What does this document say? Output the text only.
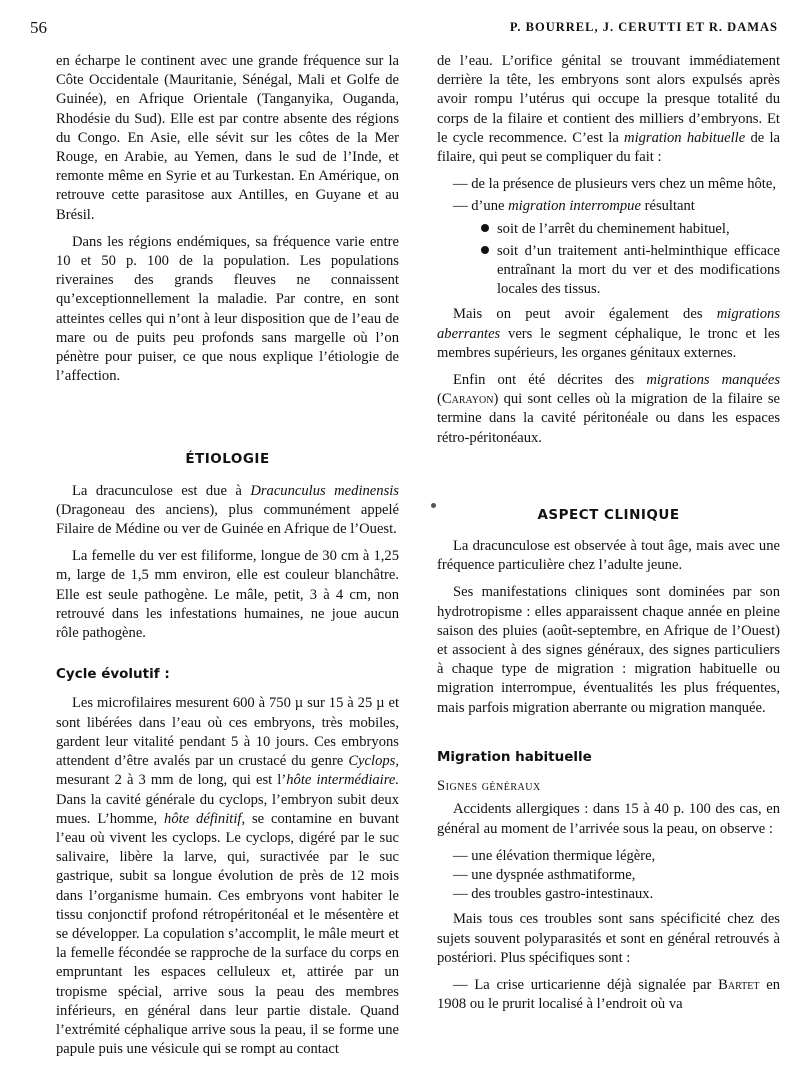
56	P. BOURREL, J. CERUTTI ET R. DAMAS

en écharpe le continent avec une grande fréquence sur la Côte Occidentale (Mauritanie, Sénégal, Mali et Golfe de Guinée), en Afrique Orientale (Tanganyika, Ouganda, Rhodésie du Sud). Elle est par contre absente des régions du Congo. En Asie, elle sévit sur les côtes de la Mer Rouge, en Arabie, au Yemen, dans le sud de l’Inde, et remonte même en Syrie et au Turkestan. En Amérique, on retrouve cette parasitose aux Antilles, en Guyane et au Brésil.

Dans les régions endémiques, sa fréquence varie entre 10 et 50 p. 100 de la population. Les populations riveraines des grands fleuves ne connaissent qu’exceptionnellement la maladie. Par contre, en sont atteintes celles qui n’ont à leur disposition que de l’eau de mare ou de puits peu profonds sans margelle où l’on pénètre pour puiser, ce que nous explique l’étiologie de l’affection.

ÉTIOLOGIE

La dracunculose est due à Dracunculus medinensis (Dragoneau des anciens), plus communément appelé Filaire de Médine ou ver de Guinée en Afrique de l’Ouest.

La femelle du ver est filiforme, longue de 30 cm à 1,25 m, large de 1,5 mm environ, elle est couleur blanchâtre. Elle est seule pathogène. Le mâle, petit, 3 à 4 cm, non retrouvé dans les infestations humaines, ne joue aucun rôle pathogène.

Cycle évolutif :

Les microfilaires mesurent 600 à 750 µ sur 15 à 25 µ et sont libérées dans l’eau où ces embryons, très mobiles, gardent leur vitalité pendant 5 à 10 jours. Ces embryons attendent d’être avalés par un crustacé du genre Cyclops, mesurant 2 à 3 mm de long, qui est l’hôte intermédiaire. Dans la cavité générale du cyclops, l’embryon subit deux mues. L’homme, hôte définitif, se contamine en buvant l’eau où vivent les cyclops. Le cyclops, digéré par le suc salivaire, libère la larve, qui, suractivée par le suc gastrique, subit sa longue évolution de près de 12 mois dans l’organisme humain. Ces embryons vont habiter le tissu conjonctif profond rétropéritonéal et le mésentère et se développer. La copulation s’accomplit, le mâle meurt et la femelle fécondée se rapproche de la surface du corps en empruntant les espaces celluleux et, attirée par un tropisme spécial, arrive sous la peau des membres inférieurs, en général dans leur partie distale. Quand l’extrémité céphalique arrive sous la peau, il se forme une papule puis une vésicule qui se rompt au contact

de l’eau. L’orifice génital se trouvant immédiatement derrière la tête, les embryons sont alors expulsés après avoir rompu l’utérus qui occupe la presque totalité du corps de la filaire et contient des milliers d’embryons. Et le cycle recommence. C’est la migration habituelle de la filaire, qui peut se compliquer du fait :

— de la présence de plusieurs vers chez un même hôte,
— d’une migration interrompue résultant
soit de l’arrêt du cheminement habituel,
soit d’un traitement anti-helminthique efficace entraînant la mort du ver et des modifications locales des tissus.

Mais on peut avoir également des migrations aberrantes vers le segment céphalique, le tronc et les membres supérieurs, les organes génitaux externes.

Enfin ont été décrites des migrations manquées (Carayon) qui sont celles où la migration de la filaire se termine dans la cavité péritonéale ou dans les espaces rétro-péritonéaux.

ASPECT CLINIQUE

La dracunculose est observée à tout âge, mais avec une fréquence particulière chez l’adulte jeune.

Ses manifestations cliniques sont dominées par son hydrotropisme : elles apparaissent chaque année en pleine saison des pluies (août-septembre, en Afrique de l’Ouest) et associent à des signes généraux, des signes particuliers à chaque type de migration : migration habituelle ou migration interrompue, éventualités les plus fréquentes, mais parfois migration aberrante ou migration manquée.

Migration habituelle
Signes généraux

Accidents allergiques : dans 15 à 40 p. 100 des cas, en général au moment de l’arrivée sous la peau, on observe :

— une élévation thermique légère,
— une dyspnée asthmatiforme,
— des troubles gastro-intestinaux.

Mais tous ces troubles sont sans spécificité chez des sujets souvent polyparasités et sont en général retrouvés à postériori. Plus spécifiques sont :

— La crise urticarienne déjà signalée par Bartet en 1908 ou le prurit localisé à l’endroit où va
